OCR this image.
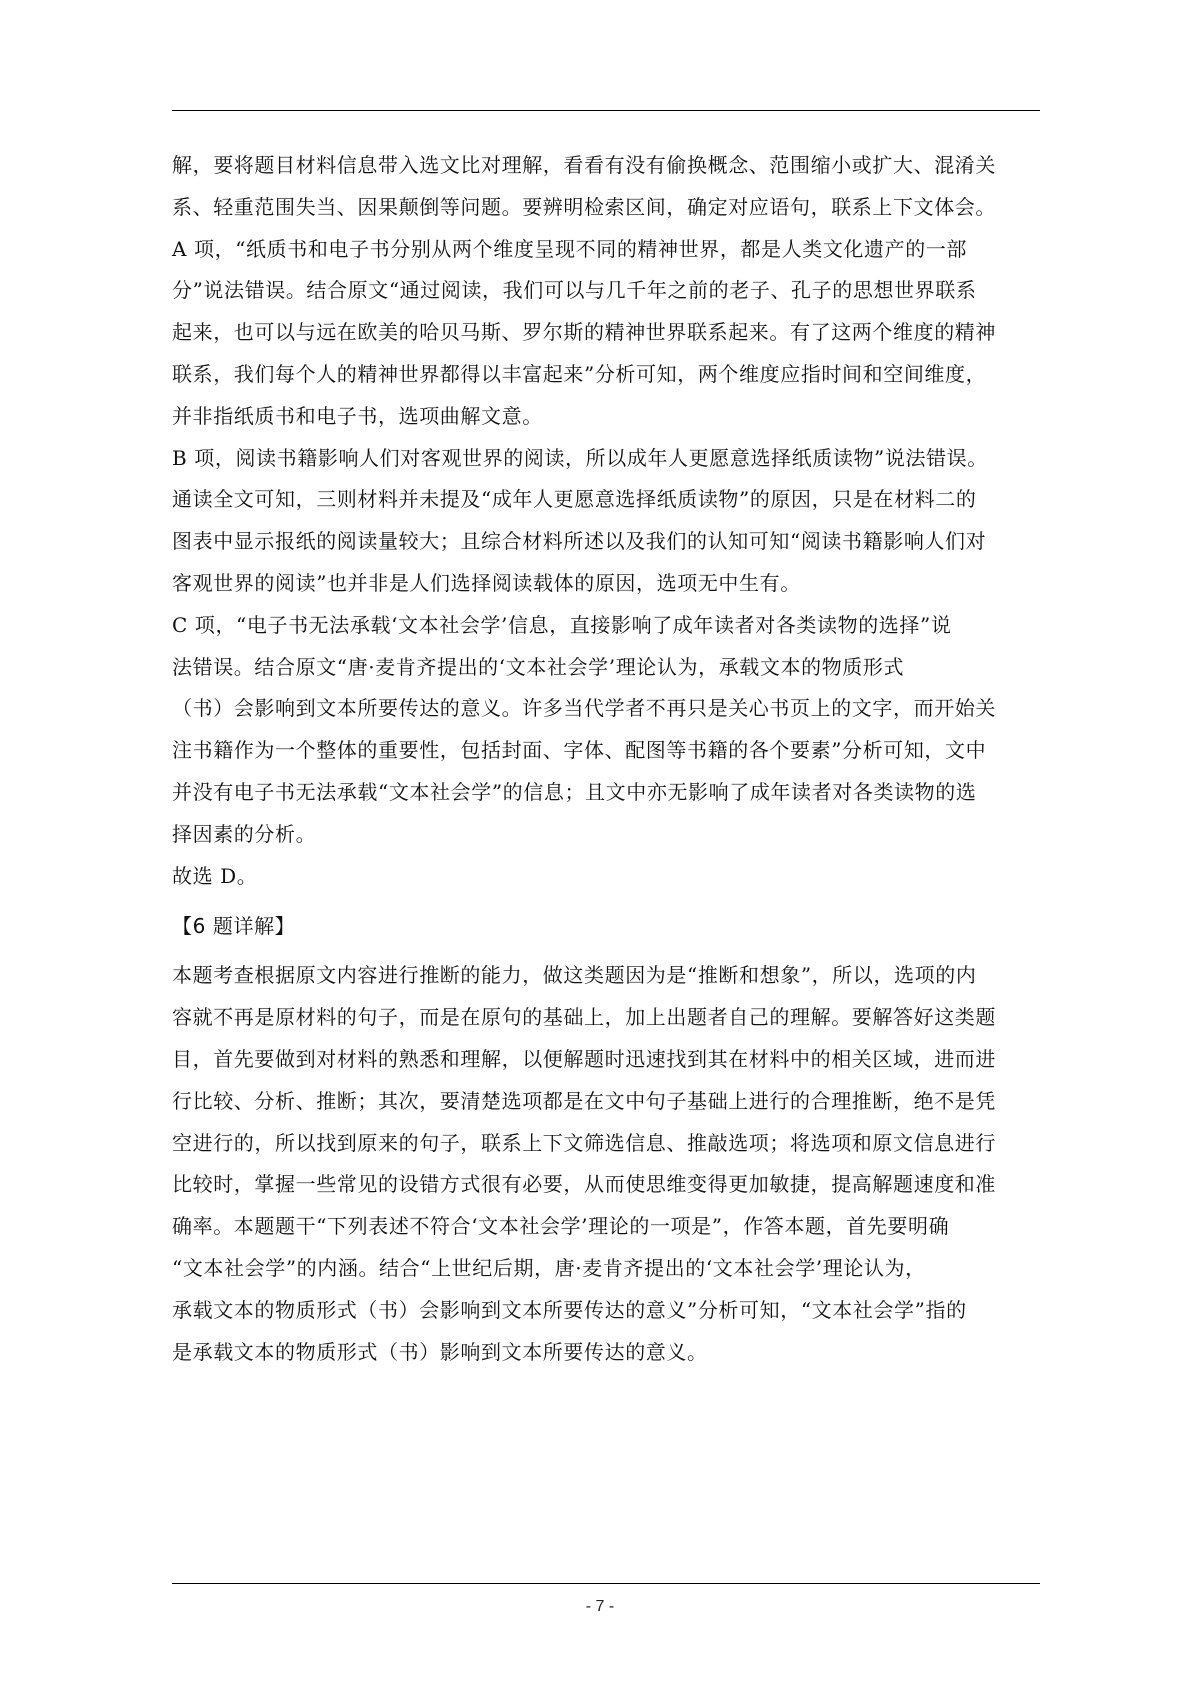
解，要将题目材料信息带入选文比对理解，看看有没有偷换概念、范围缩小或扩大、混淆关
系、轻重范围失当、因果颠倒等问题。要辨明检索区间，确定对应语句，联系上下文体会。
A 项，“纸质书和电子书分别从两个维度呈现不同的精神世界，都是人类文化遗产的一部
分”说法错误。结合原文“通过阅读，我们可以与几千年之前的老子、孔子的思想世界联系
起来，也可以与远在欧美的哈贝马斯、罗尔斯的精神世界联系起来。有了这两个维度的精神
联系，我们每个人的精神世界都得以丰富起来”分析可知，两个维度应指时间和空间维度，
并非指纸质书和电子书，选项曲解文意。
B 项，阅读书籍影响人们对客观世界的阅读，所以成年人更愿意选择纸质读物”说法错误。
通读全文可知，三则材料并未提及“成年人更愿意选择纸质读物”的原因，只是在材料二的
图表中显示报纸的阅读量较大；且综合材料所述以及我们的认知可知“阅读书籍影响人们对
客观世界的阅读”也并非是人们选择阅读载体的原因，选项无中生有。
C 项，“电子书无法承载‘文本社会学’信息，直接影响了成年读者对各类读物的选择”说
法错误。结合原文“唐·麦肯齐提出的‘文本社会学’理论认为，承载文本的物质形式
（书）会影响到文本所要传达的意义。许多当代学者不再只是关心书页上的文字，而开始关
注书籍作为一个整体的重要性，包括封面、字体、配图等书籍的各个要素”分析可知，文中
并没有电子书无法承载“文本社会学”的信息；且文中亦无影响了成年读者对各类读物的选
择因素的分析。
故选 D。

【6 题详解】

本题考查根据原文内容进行推断的能力，做这类题因为是“推断和想象”，所以，选项的内
容就不再是原材料的句子，而是在原句的基础上，加上出题者自己的理解。要解答好这类题
目，首先要做到对材料的熟悉和理解，以便解题时迅速找到其在材料中的相关区域，进而进
行比较、分析、推断；其次，要清楚选项都是在文中句子基础上进行的合理推断，绝不是凭
空进行的，所以找到原来的句子，联系上下文筛选信息、推敲选项；将选项和原文信息进行
比较时，掌握一些常见的设错方式很有必要，从而使思维变得更加敏捷，提高解题速度和准
确率。本题题干“下列表述不符合‘文本社会学’理论的一项是”，作答本题，首先要明确
“文本社会学”的内涵。结合“上世纪后期，唐·麦肯齐提出的‘文本社会学’理论认为，
承载文本的物质形式（书）会影响到文本所要传达的意义”分析可知，“文本社会学”指的
是承载文本的物质形式（书）影响到文本所要传达的意义。

- 7 -
